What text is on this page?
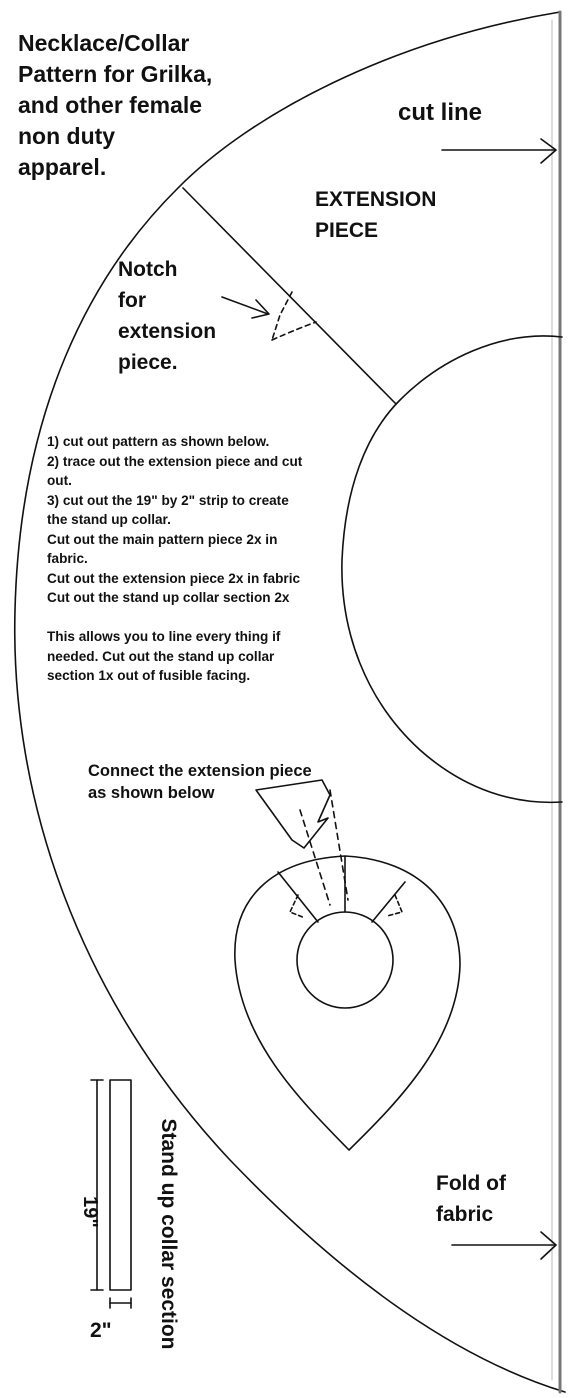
Necklace/Collar
Pattern for Grilka,
and other female
non duty
apparel.
cut line
EXTENSION
PIECE
Notch
for
extension
piece.
1) cut out pattern as shown below.
2) trace out the extension piece and cut
out.
3) cut out the 19" by 2" strip to create
the stand up collar.
Cut out the main pattern piece 2x in
fabric.
Cut out the extension piece 2x in fabric
Cut out the stand up collar section 2x
This allows you to line every thing if
needed. Cut out the stand up collar
section 1x out of fusible facing.
Connect the extension piece
as shown below
Fold of
fabric
Stand up collar section
19"
2"
